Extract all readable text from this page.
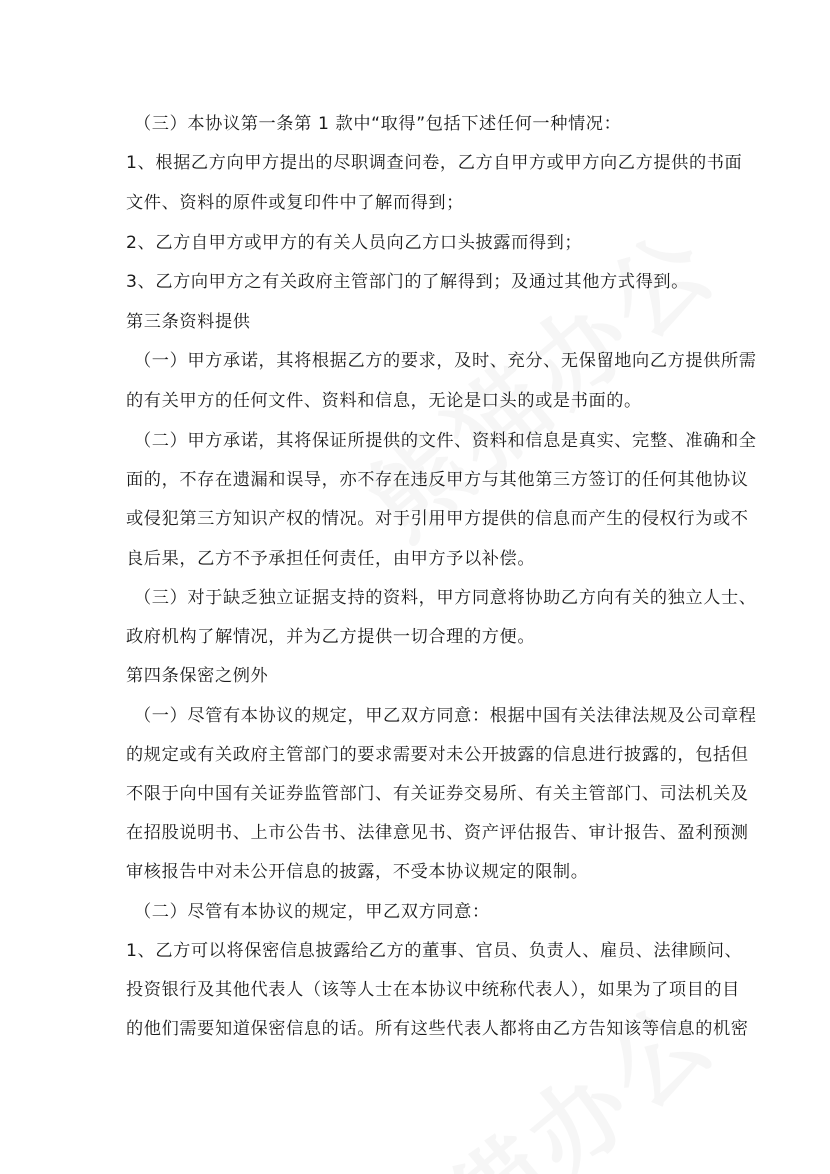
（三）本协议第一条第 1 款中“取得”包括下述任何一种情况：
1、根据乙方向甲方提出的尽职调查问卷，乙方自甲方或甲方向乙方提供的书面
文件、资料的原件或复印件中了解而得到；
2、乙方自甲方或甲方的有关人员向乙方口头披露而得到；
3、乙方向甲方之有关政府主管部门的了解得到；及通过其他方式得到。
第三条资料提供
（一）甲方承诺，其将根据乙方的要求，及时、充分、无保留地向乙方提供所需
的有关甲方的任何文件、资料和信息，无论是口头的或是书面的。
（二）甲方承诺，其将保证所提供的文件、资料和信息是真实、完整、准确和全
面的，不存在遗漏和误导，亦不存在违反甲方与其他第三方签订的任何其他协议
或侵犯第三方知识产权的情况。对于引用甲方提供的信息而产生的侵权行为或不
良后果，乙方不予承担任何责任，由甲方予以补偿。
（三）对于缺乏独立证据支持的资料，甲方同意将协助乙方向有关的独立人士、
政府机构了解情况，并为乙方提供一切合理的方便。
第四条保密之例外
（一）尽管有本协议的规定，甲乙双方同意：根据中国有关法律法规及公司章程
的规定或有关政府主管部门的要求需要对未公开披露的信息进行披露的，包括但
不限于向中国有关证券监管部门、有关证券交易所、有关主管部门、司法机关及
在招股说明书、上市公告书、法律意见书、资产评估报告、审计报告、盈利预测
审核报告中对未公开信息的披露，不受本协议规定的限制。
（二）尽管有本协议的规定，甲乙双方同意：
1、乙方可以将保密信息披露给乙方的董事、官员、负责人、雇员、法律顾问、
投资银行及其他代表人（该等人士在本协议中统称代表人），如果为了项目的目
的他们需要知道保密信息的话。所有这些代表人都将由乙方告知该等信息的机密
